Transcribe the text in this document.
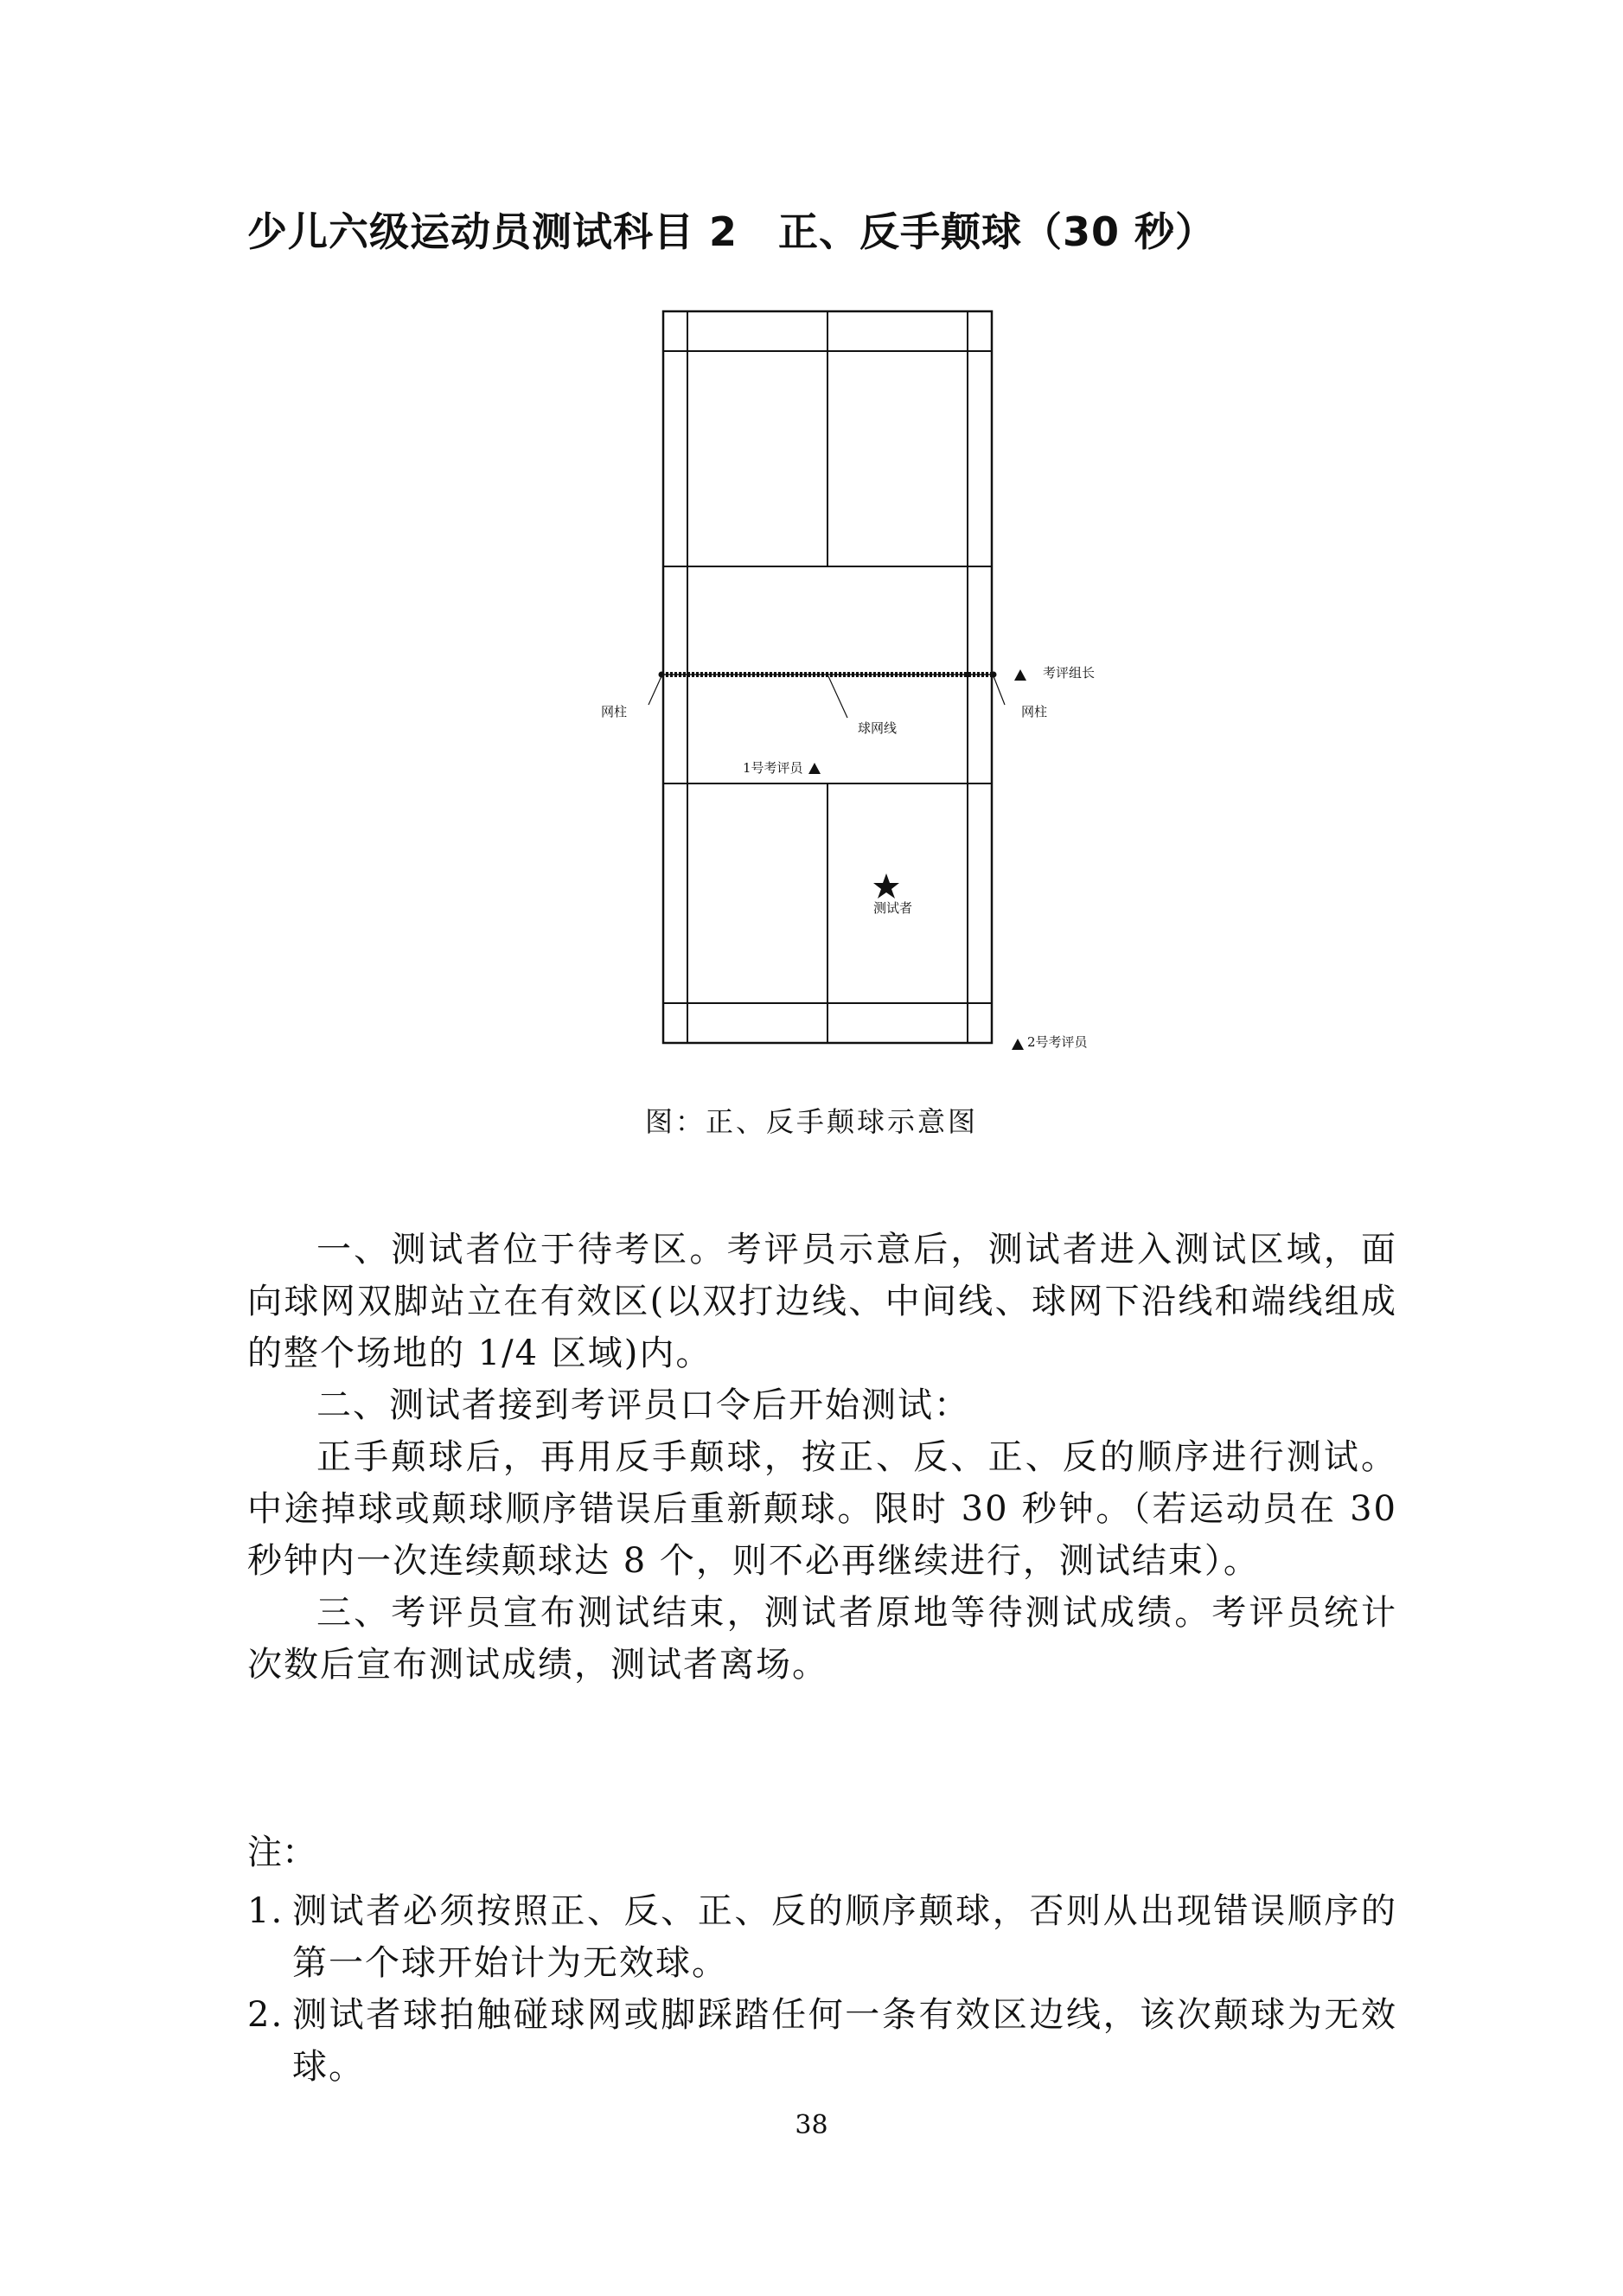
少儿六级运动员测试科目 2　正、反手颠球（30 秒）
网柱	网柱
考评组长
球网线
1号考评员
测试者
2号考评员
图：正、反手颠球示意图

一、测试者位于待考区。考评员示意后，测试者进入测试区域，面向球网双脚站立在有效区(以双打边线、中间线、球网下沿线和端线组成的整个场地的 1/4 区域)内。

二、测试者接到考评员口令后开始测试：

正手颠球后，再用反手颠球，按正、反、正、反的顺序进行测试。中途掉球或颠球顺序错误后重新颠球。限时 30 秒钟。（若运动员在 30 秒钟内一次连续颠球达 8 个，则不必再继续进行，测试结束）。

三、考评员宣布测试结束，测试者原地等待测试成绩。考评员统计次数后宣布测试成绩，测试者离场。

注：
1. 测试者必须按照正、反、正、反的顺序颠球，否则从出现错误顺序的第一个球开始计为无效球。
2. 测试者球拍触碰球网或脚踩踏任何一条有效区边线，该次颠球为无效球。
38
